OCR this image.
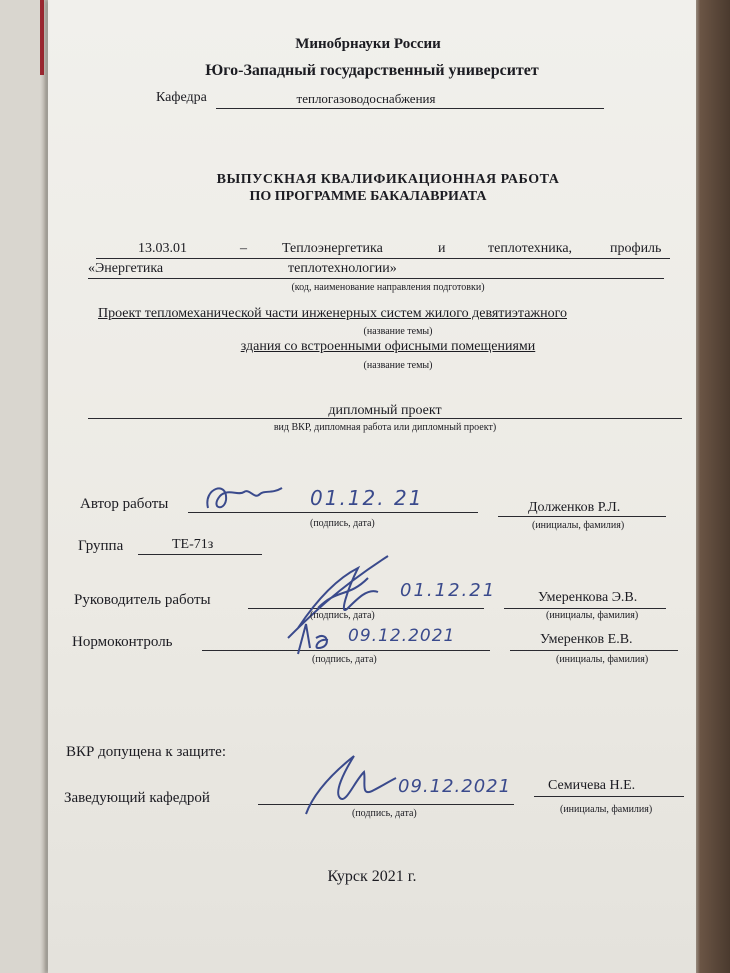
Минобрнауки России
Юго-Западный государственный университет
Кафедра	теплогазоводоснабжения
ВЫПУСКНАЯ КВАЛИФИКАЦИОННАЯ РАБОТА
ПО ПРОГРАММЕ БАКАЛАВРИАТА
13.03.01	–	Теплоэнергетика	и	теплотехника,	профиль
«Энергетика	теплотехнологии»
(код, наименование направления подготовки)
Проект тепломеханической части инженерных систем жилого девятиэтажного
(название темы)
здания со встроенными офисными помещениями
(название темы)
дипломный проект
вид ВКР, дипломная работа или дипломный проект)
Автор работы	01.12. 21
(подпись, дата)
Долженков Р.Л.
(инициалы, фамилия)
Группа	ТЕ-71з
Руководитель работы	01.12.21
(подпись, дата)
Умеренкова Э.В.
(инициалы, фамилия)
Нормоконтроль	09.12.2021
(подпись, дата)
Умеренков Е.В.
(инициалы, фамилия)
ВКР допущена к защите:
Заведующий кафедрой
09.12.2021
(подпись, дата)
Семичева Н.Е.
(инициалы, фамилия)
Курск 2021 г.
